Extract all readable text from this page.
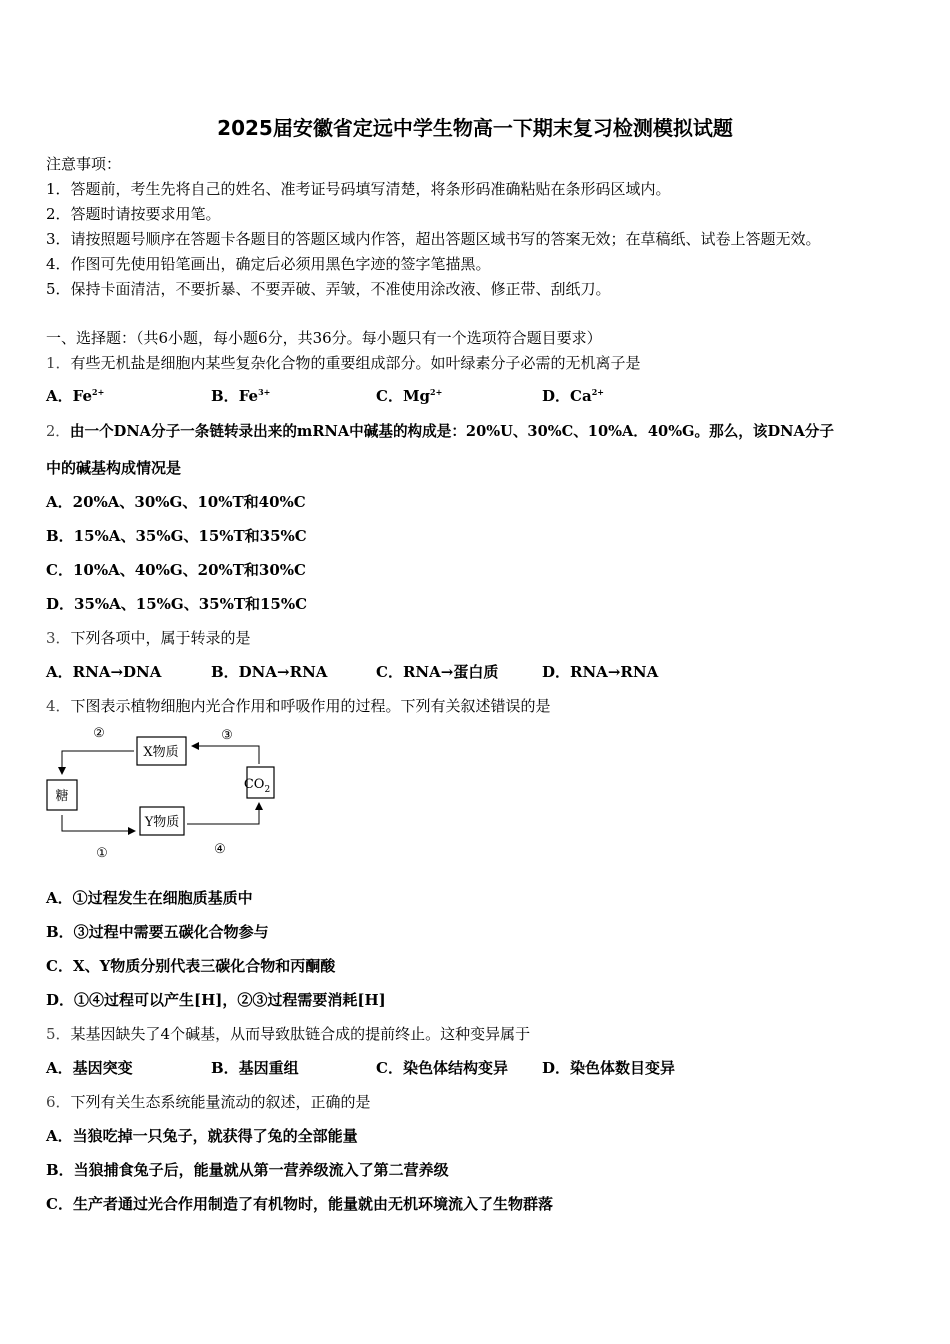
2025届安徽省定远中学生物高一下期末复习检测模拟试题
注意事项：
1．答题前，考生先将自己的姓名、准考证号码填写清楚，将条形码准确粘贴在条形码区域内。
2．答题时请按要求用笔。
3．请按照题号顺序在答题卡各题目的答题区域内作答，超出答题区域书写的答案无效；在草稿纸、试卷上答题无效。
4．作图可先使用铅笔画出，确定后必须用黑色字迹的签字笔描黑。
5．保持卡面清洁，不要折暴、不要弄破、弄皱，不准使用涂改液、修正带、刮纸刀。
一、选择题：（共6小题，每小题6分，共36分。每小题只有一个选项符合题目要求）
1．有些无机盐是细胞内某些复杂化合物的重要组成部分。如叶绿素分子必需的无机离子是
A．$Fe^{2+}$	B．$Fe^{3+}$	C．$Mg^{2+}$	D．$Ca^{2+}$
2．由一个DNA分子一条链转录出来的mRNA中碱基的构成是：20%U、30%C、10%A．40%G。那么，该DNA分子
中的碱基构成情况是
A．20%A、30%G、10%T和40%C
B．15%A、35%G、15%T和35%C
C．10%A、40%G、20%T和30%C
D．35%A、15%G、35%T和15%C
3．下列各项中，属于转录的是
A．RNA→DNA	B．DNA→RNA	C．RNA→蛋白质	D．RNA→RNA
4．下图表示植物细胞内光合作用和呼吸作用的过程。下列有关叙述错误的是
X物质
糖
$CO_2$
Y物质
②	③
①	④
A．①过程发生在细胞质基质中
B．③过程中需要五碳化合物参与
C．X、Y物质分别代表三碳化合物和丙酮酸
D．①④过程可以产生[H]，②③过程需要消耗[H]
5．某基因缺失了4个碱基，从而导致肽链合成的提前终止。这种变异属于
A．基因突变	B．基因重组	C．染色体结构变异 D．染色体数目变异
6．下列有关生态系统能量流动的叙述，正确的是
A．当狼吃掉一只兔子，就获得了兔的全部能量
B．当狼捕食兔子后，能量就从第一营养级流入了第二营养级
C．生产者通过光合作用制造了有机物时，能量就由无机环境流入了生物群落
